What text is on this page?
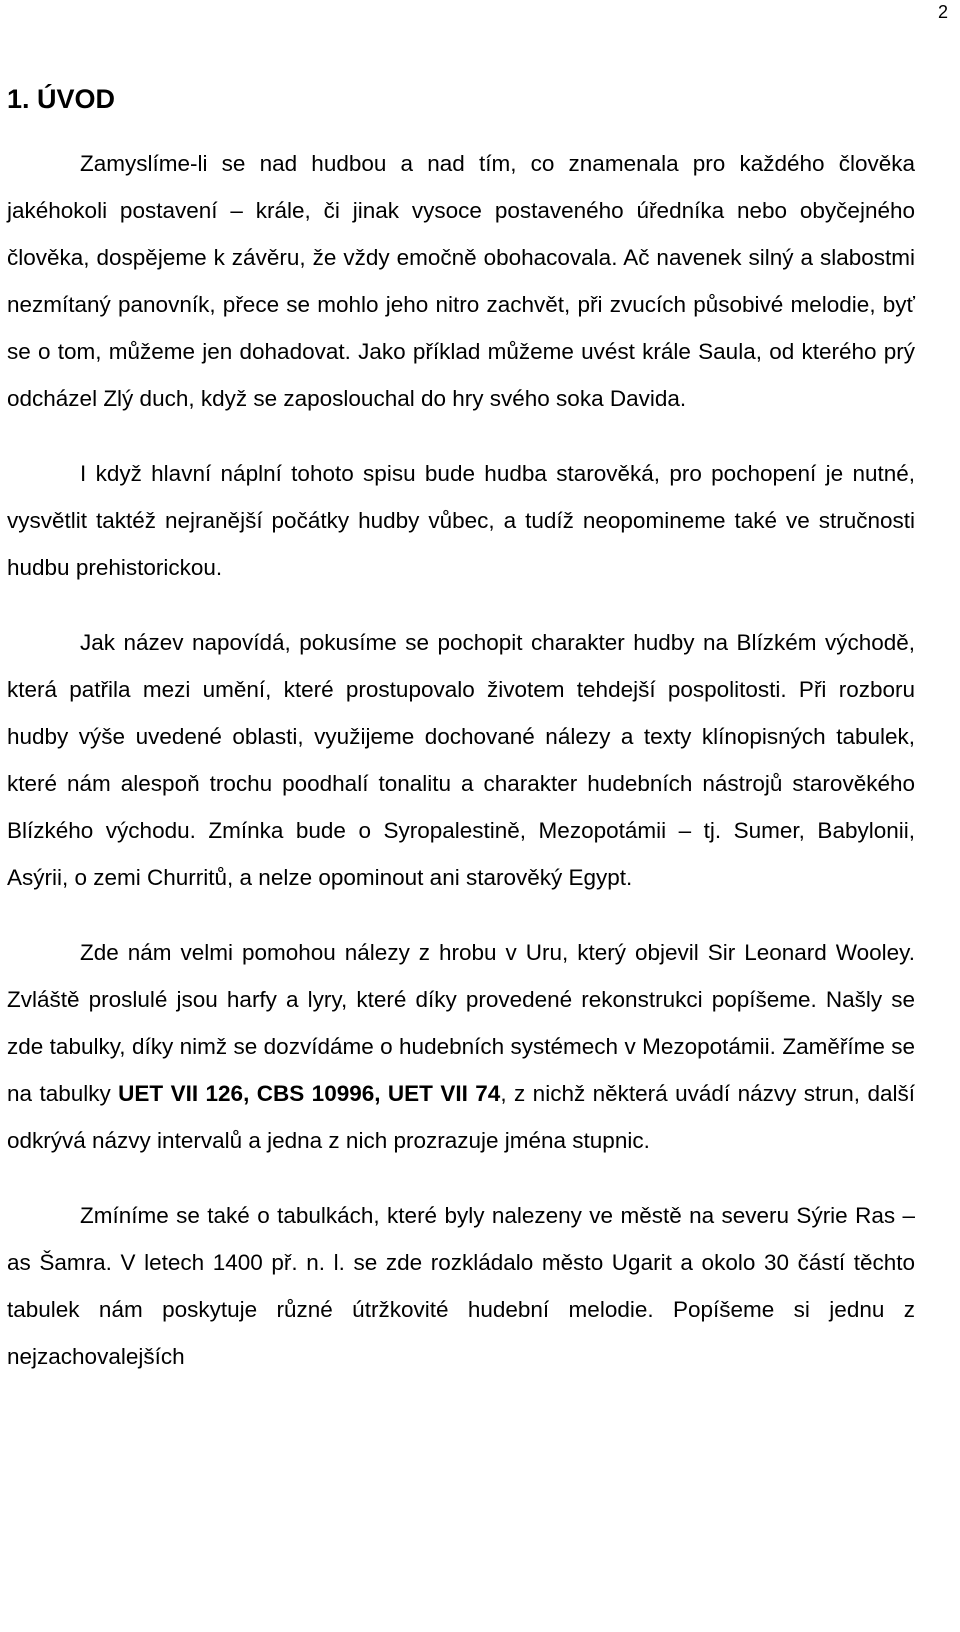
2
1. ÚVOD

Zamyslíme-li se nad hudbou a nad tím, co znamenala pro každého člověka jakéhokoli postavení – krále, či jinak vysoce postaveného úředníka nebo obyčejného člověka, dospějeme k závěru, že vždy emočně obohacovala. Ač navenek silný a slabostmi nezmítaný panovník, přece se mohlo jeho nitro zachvět, při zvucích působivé melodie, byť se o tom, můžeme jen dohadovat. Jako příklad můžeme uvést krále Saula, od kterého prý odcházel Zlý duch, když se zaposlouchal do hry svého soka Davida.

I když hlavní náplní tohoto spisu bude hudba starověká, pro pochopení je nutné, vysvětlit taktéž nejranější počátky hudby vůbec, a tudíž neopomineme také ve stručnosti hudbu prehistorickou.

Jak název napovídá, pokusíme se pochopit charakter hudby na Blízkém východě, která patřila mezi umění, které prostupovalo životem tehdejší pospolitosti. Při rozboru hudby výše uvedené oblasti, využijeme dochované nálezy a texty klínopisných tabulek, které nám alespoň trochu poodhalí tonalitu a charakter hudebních nástrojů starověkého Blízkého východu. Zmínka bude o Syropalestině, Mezopotámii – tj. Sumer, Babylonii, Asýrii, o zemi Churritů, a nelze opominout ani starověký Egypt.

Zde nám velmi pomohou nálezy z hrobu v Uru, který objevil Sir Leonard Wooley. Zvláště proslulé jsou harfy a lyry, které díky provedené rekonstrukci popíšeme. Našly se zde tabulky, díky nimž se dozvídáme o hudebních systémech v Mezopotámii. Zaměříme se na tabulky UET VII 126, CBS 10996, UET VII 74, z nichž některá uvádí názvy strun, další odkrývá názvy intervalů a jedna z nich prozrazuje jména stupnic.

Zmíníme se také o tabulkách, které byly nalezeny ve městě na severu Sýrie Ras – as Šamra. V letech 1400 př. n. l. se zde rozkládalo město Ugarit a okolo 30 částí těchto tabulek nám poskytuje různé útržkovité hudební melodie. Popíšeme si jednu z nejzachovalejších
